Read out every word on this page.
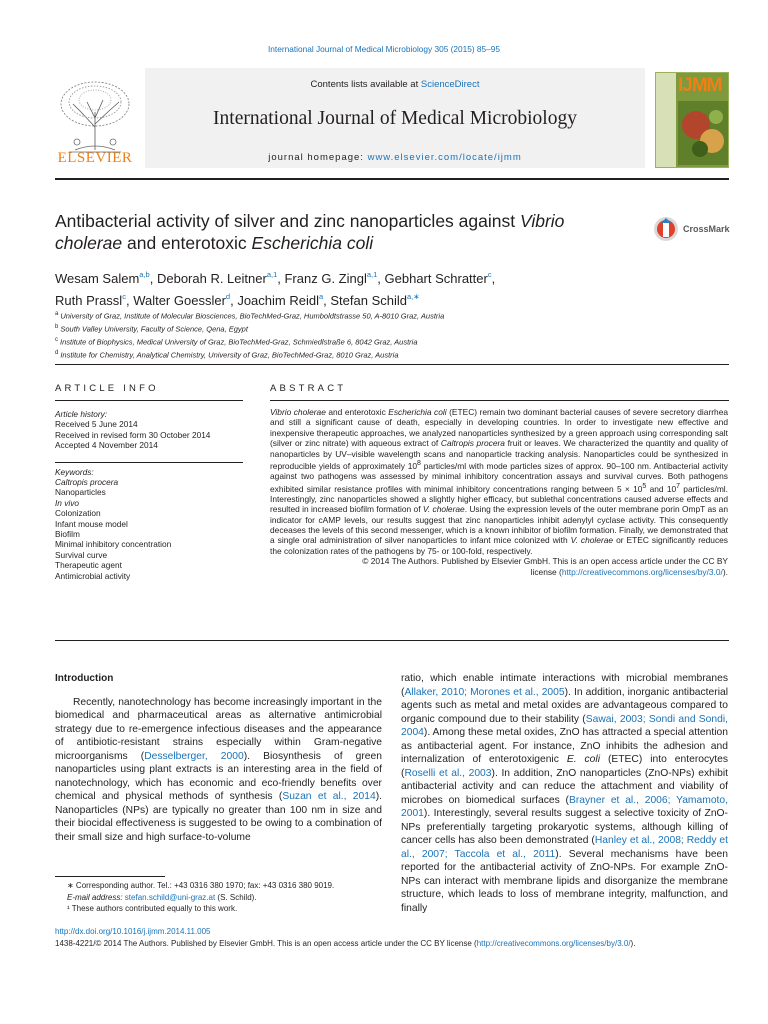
International Journal of Medical Microbiology 305 (2015) 85–95
ELSEVIER
Contents lists available at ScienceDirect
International Journal of Medical Microbiology
journal homepage: www.elsevier.com/locate/ijmm
IJMM
Antibacterial activity of silver and zinc nanoparticles against Vibrio cholerae and enterotoxic Escherichia coli
CrossMark
Wesam Salem$^{a,b}$, Deborah R. Leitner$^{a,1}$, Franz G. Zingl$^{a,1}$, Gebhart Schratter$^c$,
Ruth Prassl$^c$, Walter Goessler$^d$, Joachim Reidl$^a$, Stefan Schild$^{a,∗}$
$^a$ University of Graz, Institute of Molecular Biosciences, BioTechMed-Graz, Humboldtstrasse 50, A-8010 Graz, Austria
$^b$ South Valley University, Faculty of Science, Qena, Egypt
$^c$ Institute of Biophysics, Medical University of Graz, BioTechMed-Graz, Schmiedlstraße 6, 8042 Graz, Austria
$^d$ Institute for Chemistry, Analytical Chemistry, University of Graz, BioTechMed-Graz, 8010 Graz, Austria
ARTICLE INFO
Article history:
Received 5 June 2014
Received in revised form 30 October 2014
Accepted 4 November 2014
Keywords:
Caltropis procera
Nanoparticles
In vivo
Colonization
Infant mouse model
Biofilm
Minimal inhibitory concentration
Survival curve
Therapeutic agent
Antimicrobial activity
ABSTRACT

Vibrio cholerae and enterotoxic Escherichia coli (ETEC) remain two dominant bacterial causes of severe secretory diarrhea and still a significant cause of death, especially in developing countries. In order to investigate new effective and inexpensive therapeutic approaches, we analyzed nanoparticles synthesized by a green approach using corresponding salt (silver or zinc nitrate) with aqueous extract of Caltropis procera fruit or leaves. We characterized the quantity and quality of nanoparticles by UV–visible wavelength scans and nanoparticle tracking analysis. Nanoparticles could be synthesized in reproducible yields of approximately $10^8$ particles/ml with mode particles sizes of approx. 90–100 nm. Antibacterial activity against two pathogens was assessed by minimal inhibitory concentration assays and survival curves. Both pathogens exhibited similar resistance profiles with minimal inhibitory concentrations ranging between $5 \times 10^5$ and $10^7$ particles/ml. Interestingly, zinc nanoparticles showed a slightly higher efficacy, but sublethal concentrations caused adverse effects and resulted in increased biofilm formation of V. cholerae. Using the expression levels of the outer membrane porin OmpT as an indicator for cAMP levels, our results suggest that zinc nanoparticles inhibit adenylyl cyclase activity. This consequently deceases the levels of this second messenger, which is a known inhibitor of biofilm formation. Finally, we demonstrated that a single oral administration of silver nanoparticles to infant mice colonized with V. cholerae or ETEC significantly reduces the colonization rates of the pathogens by 75- or 100-fold, respectively.

© 2014 The Authors. Published by Elsevier GmbH. This is an open access article under the CC BY
license (http://creativecommons.org/licenses/by/3.0/).

Introduction

Recently, nanotechnology has become increasingly important in the biomedical and pharmaceutical areas as alternative antimicrobial strategy due to re-emergence infectious diseases and the appearance of antibiotic-resistant strains especially within Gram-negative microorganisms (Desselberger, 2000). Biosynthesis of green nanoparticles using plant extracts is an interesting area in the field of nanotechnology, which has economic and eco-friendly benefits over chemical and physical methods of synthesis (Suzan et al., 2014). Nanoparticles (NPs) are typically no greater than 100 nm in size and their biocidal effectiveness is suggested to be owing to a combination of their small size and high surface-to-volume

ratio, which enable intimate interactions with microbial membranes (Allaker, 2010; Morones et al., 2005). In addition, inorganic antibacterial agents such as metal and metal oxides are advantageous compared to organic compound due to their stability (Sawai, 2003; Sondi and Sondi, 2004). Among these metal oxides, ZnO has attracted a special attention as antibacterial agent. For instance, ZnO inhibits the adhesion and internalization of enterotoxigenic E. coli (ETEC) into enterocytes (Roselli et al., 2003). In addition, ZnO nanoparticles (ZnO-NPs) exhibit antibacterial activity and can reduce the attachment and viability of microbes on biomedical surfaces (Brayner et al., 2006; Yamamoto, 2001). Interestingly, several results suggest a selective toxicity of ZnO-NPs preferentially targeting prokaryotic systems, although killing of cancer cells has also been demonstrated (Hanley et al., 2008; Reddy et al., 2007; Taccola et al., 2011). Several mechanisms have been reported for the antibacterial activity of ZnO-NPs. For example ZnO-NPs can interact with membrane lipids and disorganize the membrane structure, which leads to loss of membrane integrity, malfunction, and finally

∗ Corresponding author. Tel.: +43 0316 380 1970; fax: +43 0316 380 9019.
E-mail address: stefan.schild@uni-graz.at (S. Schild).
¹ These authors contributed equally to this work.
http://dx.doi.org/10.1016/j.ijmm.2014.11.005
1438-4221/© 2014 The Authors. Published by Elsevier GmbH. This is an open access article under the CC BY license (http://creativecommons.org/licenses/by/3.0/).
